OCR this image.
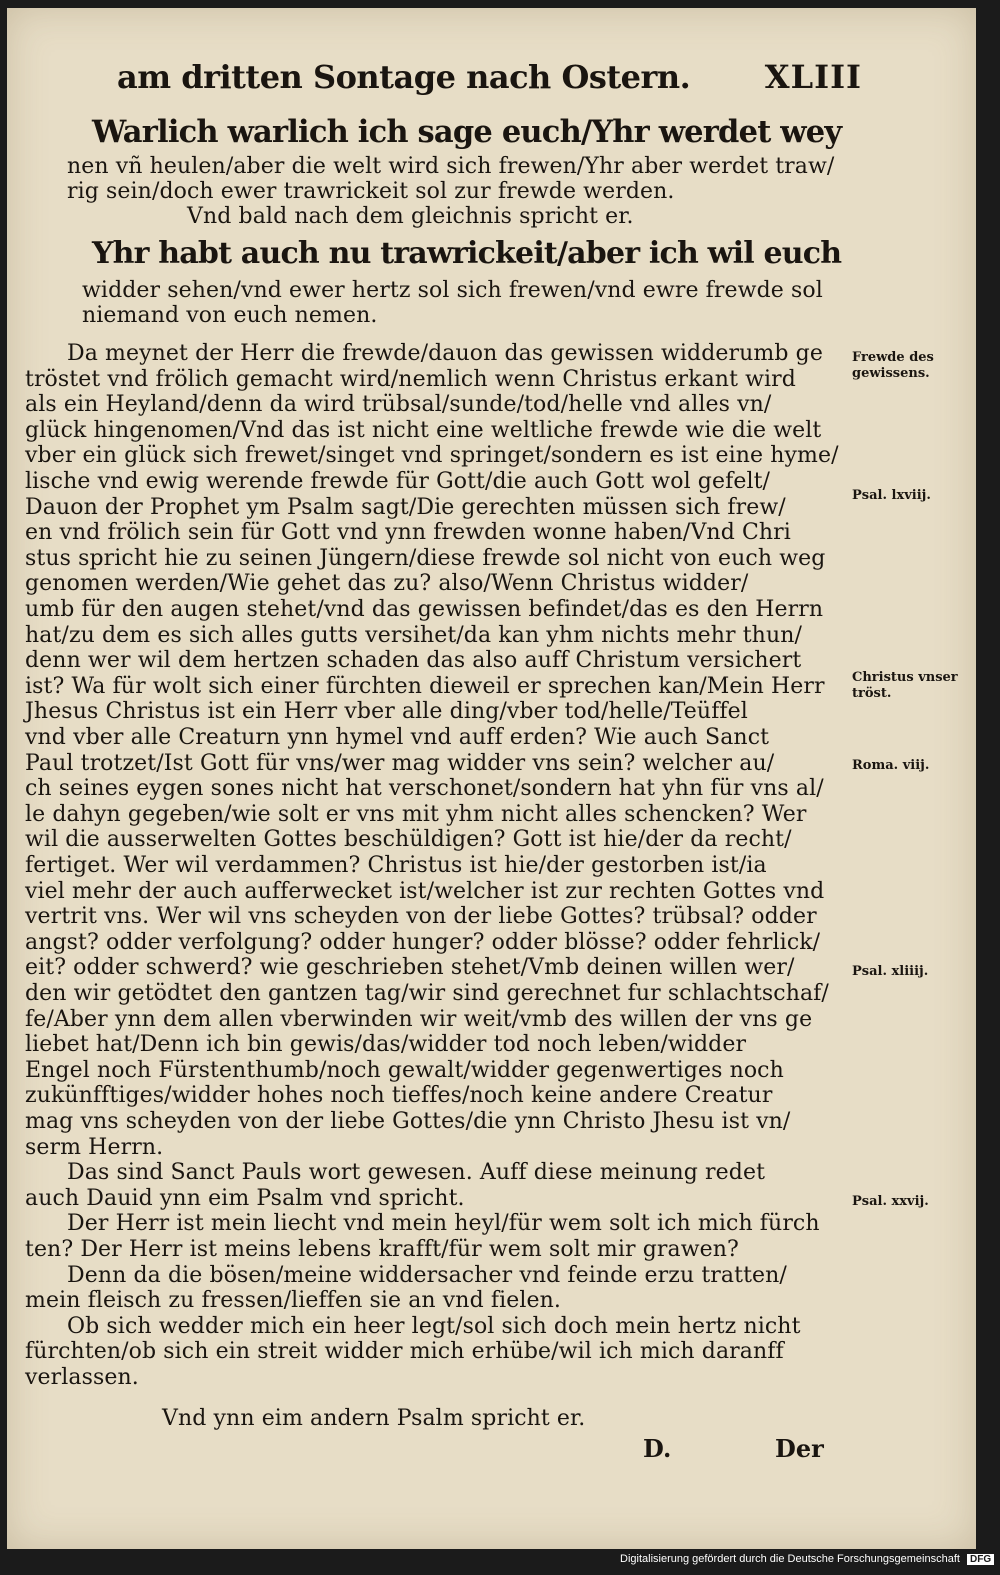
am dritten Sontage nach Ostern. XLIII
Warlich warlich ich sage euch/Yhr werdet wey
nen vñ heulen/aber die welt wird sich frewen/Yhr aber werdet traw/
rig sein/doch ewer trawrickeit sol zur frewde werden.
Vnd bald nach dem gleichnis spricht er.
Yhr habt auch nu trawrickeit/aber ich wil euch
widder sehen/vnd ewer hertz sol sich frewen/vnd ewre frewde sol
niemand von euch nemen.
Vnd ynn eim andern Psalm spricht er.
Frewde des gewissens.
Psal. lxviij.
Christus vnser tröst.
Roma. viij.
Psal. xliiij.
Psal. xxvij.
D.	Der
Da meynet der Herr die frewde/dauon das gewissen widderumb ge
tröstet vnd frölich gemacht wird/nemlich wenn Christus erkant wird
als ein Heyland/denn da wird trübsal/sunde/tod/helle vnd alles vn/
glück hingenomen/Vnd das ist nicht eine weltliche frewde wie die welt
vber ein glück sich frewet/singet vnd springet/sondern es ist eine hyme/
lische vnd ewig werende frewde für Gott/die auch Gott wol gefelt/
Dauon der Prophet ym Psalm sagt/Die gerechten müssen sich frew/
en vnd frölich sein für Gott vnd ynn frewden wonne haben/Vnd Chri
stus spricht hie zu seinen Jüngern/diese frewde sol nicht von euch weg
genomen werden/Wie gehet das zu? also/Wenn Christus widder/
umb für den augen stehet/vnd das gewissen befindet/das es den Herrn
hat/zu dem es sich alles gutts versihet/da kan yhm nichts mehr thun/
denn wer wil dem hertzen schaden das also auff Christum versichert
ist? Wa für wolt sich einer fürchten dieweil er sprechen kan/Mein Herr
Jhesus Christus ist ein Herr vber alle ding/vber tod/helle/Teüffel
vnd vber alle Creaturn ynn hymel vnd auff erden? Wie auch Sanct
Paul trotzet/Ist Gott für vns/wer mag widder vns sein? welcher au/
ch seines eygen sones nicht hat verschonet/sondern hat yhn für vns al/
le dahyn gegeben/wie solt er vns mit yhm nicht alles schencken? Wer
wil die ausserwelten Gottes beschüldigen? Gott ist hie/der da recht/
fertiget. Wer wil verdammen? Christus ist hie/der gestorben ist/ia
viel mehr der auch aufferwecket ist/welcher ist zur rechten Gottes vnd
vertrit vns. Wer wil vns scheyden von der liebe Gottes? trübsal? odder
angst? odder verfolgung? odder hunger? odder blösse? odder fehrlick/
eit? odder schwerd? wie geschrieben stehet/Vmb deinen willen wer/
den wir getödtet den gantzen tag/wir sind gerechnet fur schlachtschaf/
fe/Aber ynn dem allen vberwinden wir weit/vmb des willen der vns ge
liebet hat/Denn ich bin gewis/das/widder tod noch leben/widder
Engel noch Fürstenthumb/noch gewalt/widder gegenwertiges noch
zukünfftiges/widder hohes noch tieffes/noch keine andere Creatur
mag vns scheyden von der liebe Gottes/die ynn Christo Jhesu ist vn/
serm Herrn.
Das sind Sanct Pauls wort gewesen. Auff diese meinung redet
auch Dauid ynn eim Psalm vnd spricht.
Der Herr ist mein liecht vnd mein heyl/für wem solt ich mich fürch
ten? Der Herr ist meins lebens krafft/für wem solt mir grawen?
Denn da die bösen/meine widdersacher vnd feinde erzu tratten/
mein fleisch zu fressen/lieffen sie an vnd fielen.
Ob sich wedder mich ein heer legt/sol sich doch mein hertz nicht
fürchten/ob sich ein streit widder mich erhübe/wil ich mich daranff
verlassen.
Digitalisierung gefördert durch die Deutsche Forschungsgemeinschaft DFG
